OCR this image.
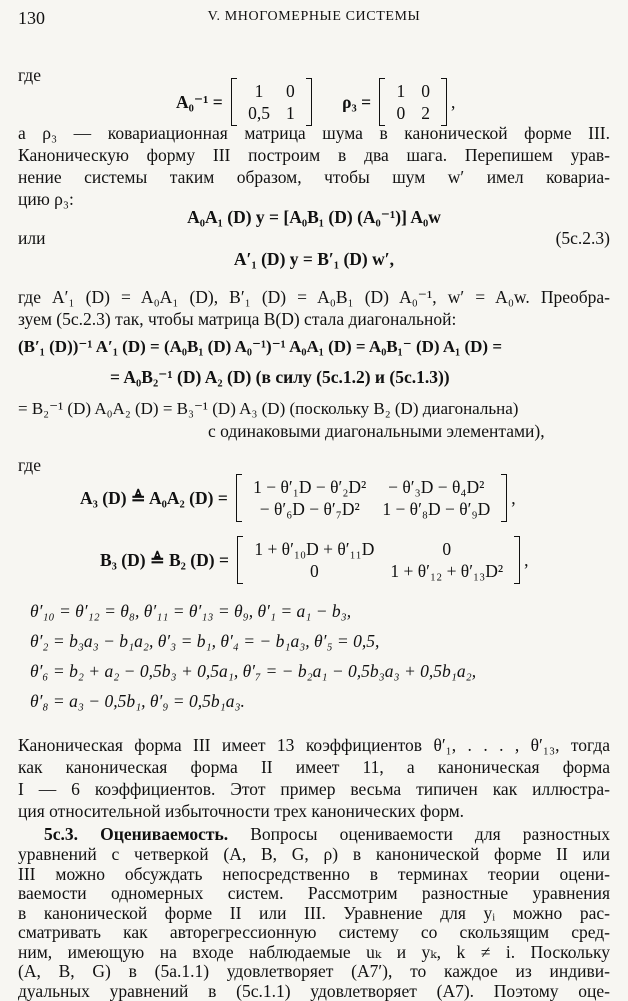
130	V. МНОГОМЕРНЫЕ СИСТЕМЫ
где
A₀⁻¹ =
1	0
0,5	1
ρ₃ =
1	0
0	2
,
а ρ₃ — ковариационная матрица шума в канонической форме III.
Каноническую форму III построим в два шага. Перепишем урав-
нение системы таким образом, чтобы шум w′ имел ковариа-
цию ρ₃:
A₀A₁ (D) y = [A₀B₁ (D) (A₀⁻¹)] A₀w
или	(5c.2.3)
A′₁ (D) y = B′₁ (D) w′,
где A′₁ (D) = A₀A₁ (D), B′₁ (D) = A₀B₁ (D) A₀⁻¹, w′ = A₀w. Преобра-
зуем (5c.2.3) так, чтобы матрица B(D) стала диагональной:
(B′₁ (D))⁻¹ A′₁ (D) = (A₀B₁ (D) A₀⁻¹)⁻¹ A₀A₁ (D) = A₀B₁⁻ (D) A₁ (D) =
= A₀B₂⁻¹ (D) A₂ (D) (в силу (5c.1.2) и (5c.1.3))
= B₂⁻¹ (D) A₀A₂ (D) = B₃⁻¹ (D) A₃ (D) (поскольку B₂ (D) диагональна)
с одинаковыми диагональными элементами),
где
A₃ (D) ≜ A₀A₂ (D) =
1 − θ′₁D − θ′₂D²	− θ′₃D − θ₄D²
− θ′₆D − θ′₇D²	1 − θ′₈D − θ′₉D
,
B₃ (D) ≜ B₂ (D) =
1 + θ′₁₀D + θ′₁₁D	0
0	1 + θ′₁₂ + θ′₁₃D²
,
θ′₁₀ = θ′₁₂ = θ₈, θ′₁₁ = θ′₁₃ = θ₉, θ′₁ = a₁ − b₃,
θ′₂ = b₃a₃ − b₁a₂, θ′₃ = b₁, θ′₄ = − b₁a₃, θ′₅ = 0,5,
θ′₆ = b₂ + a₂ − 0,5b₃ + 0,5a₁, θ′₇ = − b₂a₁ − 0,5b₃a₃ + 0,5b₁a₂,
θ′₈ = a₃ − 0,5b₁, θ′₉ = 0,5b₁a₃.
Каноническая форма III имеет 13 коэффициентов θ′₁, . . . , θ′₁₃, тогда
как каноническая форма II имеет 11, а каноническая форма
I — 6 коэффициентов. Этот пример весьма типичен как иллюстра-
ция относительной избыточности трех канонических форм.
5c.3. Оцениваемость. Вопросы оцениваемости для разностных
уравнений с четверкой (A, B, G, ρ) в канонической форме II или
III можно обсуждать непосредственно в терминах теории оцени-
ваемости одномерных систем. Рассмотрим разностные уравнения
в канонической форме II или III. Уравнение для yᵢ можно рас-
сматривать как авторегрессионную систему со скользящим сред-
ним, имеющую на входе наблюдаемые uₖ и yₖ, k ≠ i. Поскольку
(A, B, G) в (5a.1.1) удовлетворяет (A7′), то каждое из индиви-
дуальных уравнений в (5c.1.1) удовлетворяет (A7). Поэтому оце-
